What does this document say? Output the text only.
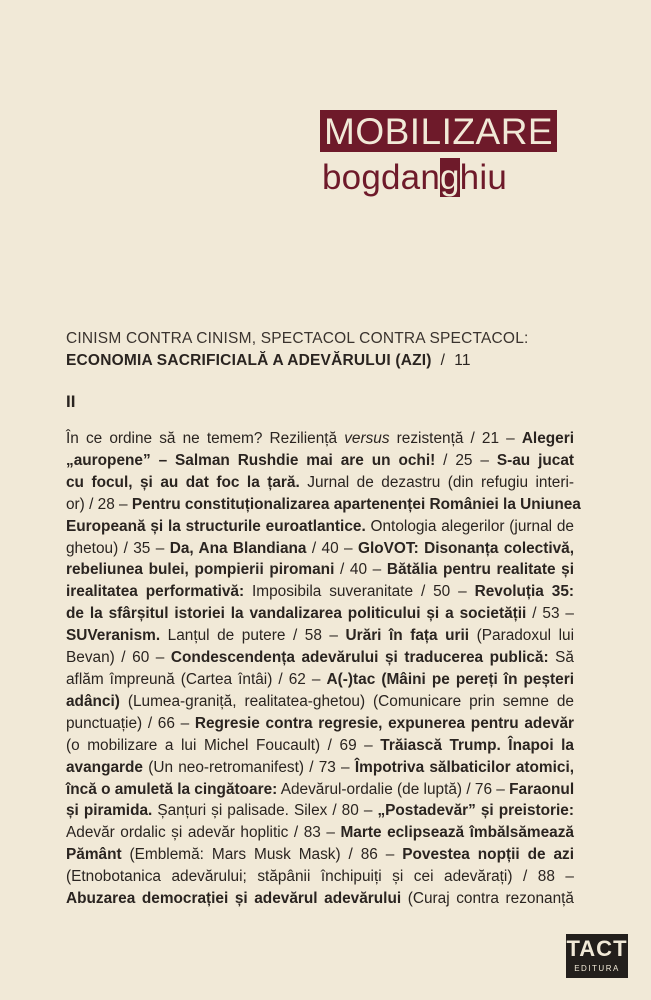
MOBILIZARE
bogdanghiu
CINISM CONTRA CINISM, SPECTACOL CONTRA SPECTACOL:
ECONOMIA SACRIFICIALĂ A ADEVĂRULUI (AZI) / 11
II
În ce ordine să ne temem? Reziliență versus rezistență / 21 – Alegeri
„auropene” – Salman Rushdie mai are un ochi! / 25 – S-au jucat
cu focul, și au dat foc la țară. Jurnal de dezastru (din refugiu interi-
or) / 28 – Pentru constituționalizarea apartenenței României la Uniunea
Europeană și la structurile euroatlantice. Ontologia alegerilor (jurnal de
ghetou) / 35 – Da, Ana Blandiana / 40 – GloVOT: Disonanța colectivă,
rebeliunea bulei, pompierii piromani / 40 – Bătălia pentru realitate și
irealitatea performativă: Imposibila suveranitate / 50 – Revoluția 35:
de la sfârșitul istoriei la vandalizarea politicului și a societății / 53 –
SUVeranism. Lanțul de putere / 58 – Urări în fața urii (Paradoxul lui
Bevan) / 60 – Condescendența adevărului și traducerea publică: Să
aflăm împreună (Cartea întâi) / 62 – A(-)tac (Mâini pe pereți în peșteri
adânci) (Lumea-graniță, realitatea-ghetou) (Comunicare prin semne de
punctuație) / 66 – Regresie contra regresie, expunerea pentru adevăr
(o mobilizare a lui Michel Foucault) / 69 – Trăiască Trump. Înapoi la
avangarde (Un neo-retromanifest) / 73 – Împotriva sălbaticilor atomici,
încă o amuletă la cingătoare: Adevărul-ordalie (de luptă) / 76 – Faraonul
și piramida. Șanțuri și palisade. Silex / 80 – „Postadevăr” și preistorie:
Adevăr ordalic și adevăr hoplitic / 83 – Marte eclipsează îmbălsămează
Pământ (Emblemă: Mars Musk Mask) / 86 – Povestea nopții de azi
(Etnobotanica adevărului; stăpânii închipuiți și cei adevărați) / 88 –
Abuzarea democrației și adevărul adevărului (Curaj contra rezonanță
TACT
EDITURA
